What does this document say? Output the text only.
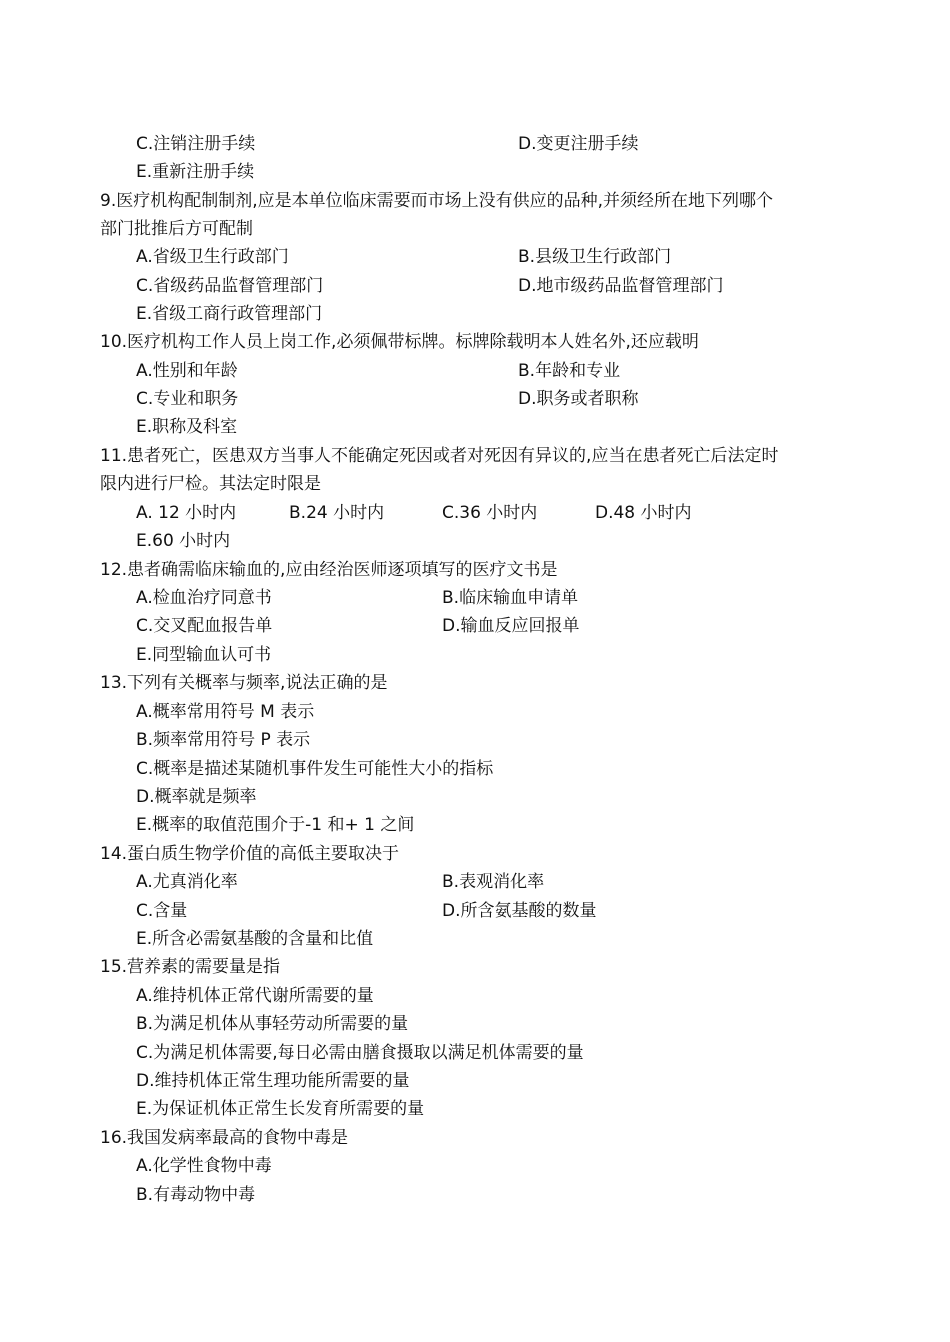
C.注销注册手续	D.变更注册手续
E.重新注册手续
9.医疗机构配制制剂,应是本单位临床需要而市场上没有供应的品种,并须经所在地下列哪个
部门批推后方可配制
A.省级卫生行政部门	B.县级卫生行政部门
C.省级药品监督管理部门	D.地市级药品监督管理部门
E.省级工商行政管理部门
10.医疗机构工作人员上岗工作,必须佩带标牌。标牌除载明本人姓名外,还应载明
A.性别和年龄	B.年龄和专业
C.专业和职务	D.职务或者职称
E.职称及科室
11.患者死亡，医患双方当事人不能确定死因或者对死因有异议的,应当在患者死亡后法定时
限内进行尸检。其法定时限是
A. 12 小时内	B.24 小时内	C.36 小时内	D.48 小时内
E.60 小时内
12.患者确需临床输血的,应由经治医师逐项填写的医疗文书是
A.检血治疗同意书	B.临床输血申请单
C.交叉配血报告单	D.输血反应回报单
E.同型输血认可书
13.下列有关概率与频率,说法正确的是
A.概率常用符号 M 表示
B.频率常用符号 P 表示
C.概率是描述某随机事件发生可能性大小的指标
D.概率就是频率
E.概率的取值范围介于-1 和+ 1 之间
14.蛋白质生物学价值的高低主要取决于
A.尤真消化率	B.表观消化率
C.含量	D.所含氨基酸的数量
E.所含必需氨基酸的含量和比值
15.营养素的需要量是指
A.维持机体正常代谢所需要的量
B.为满足机体从事轻劳动所需要的量
C.为满足机体需要,每日必需由膳食摄取以满足机体需要的量
D.维持机体正常生理功能所需要的量
E.为保证机体正常生长发育所需要的量
16.我国发病率最高的食物中毒是
A.化学性食物中毒
B.有毒动物中毒
